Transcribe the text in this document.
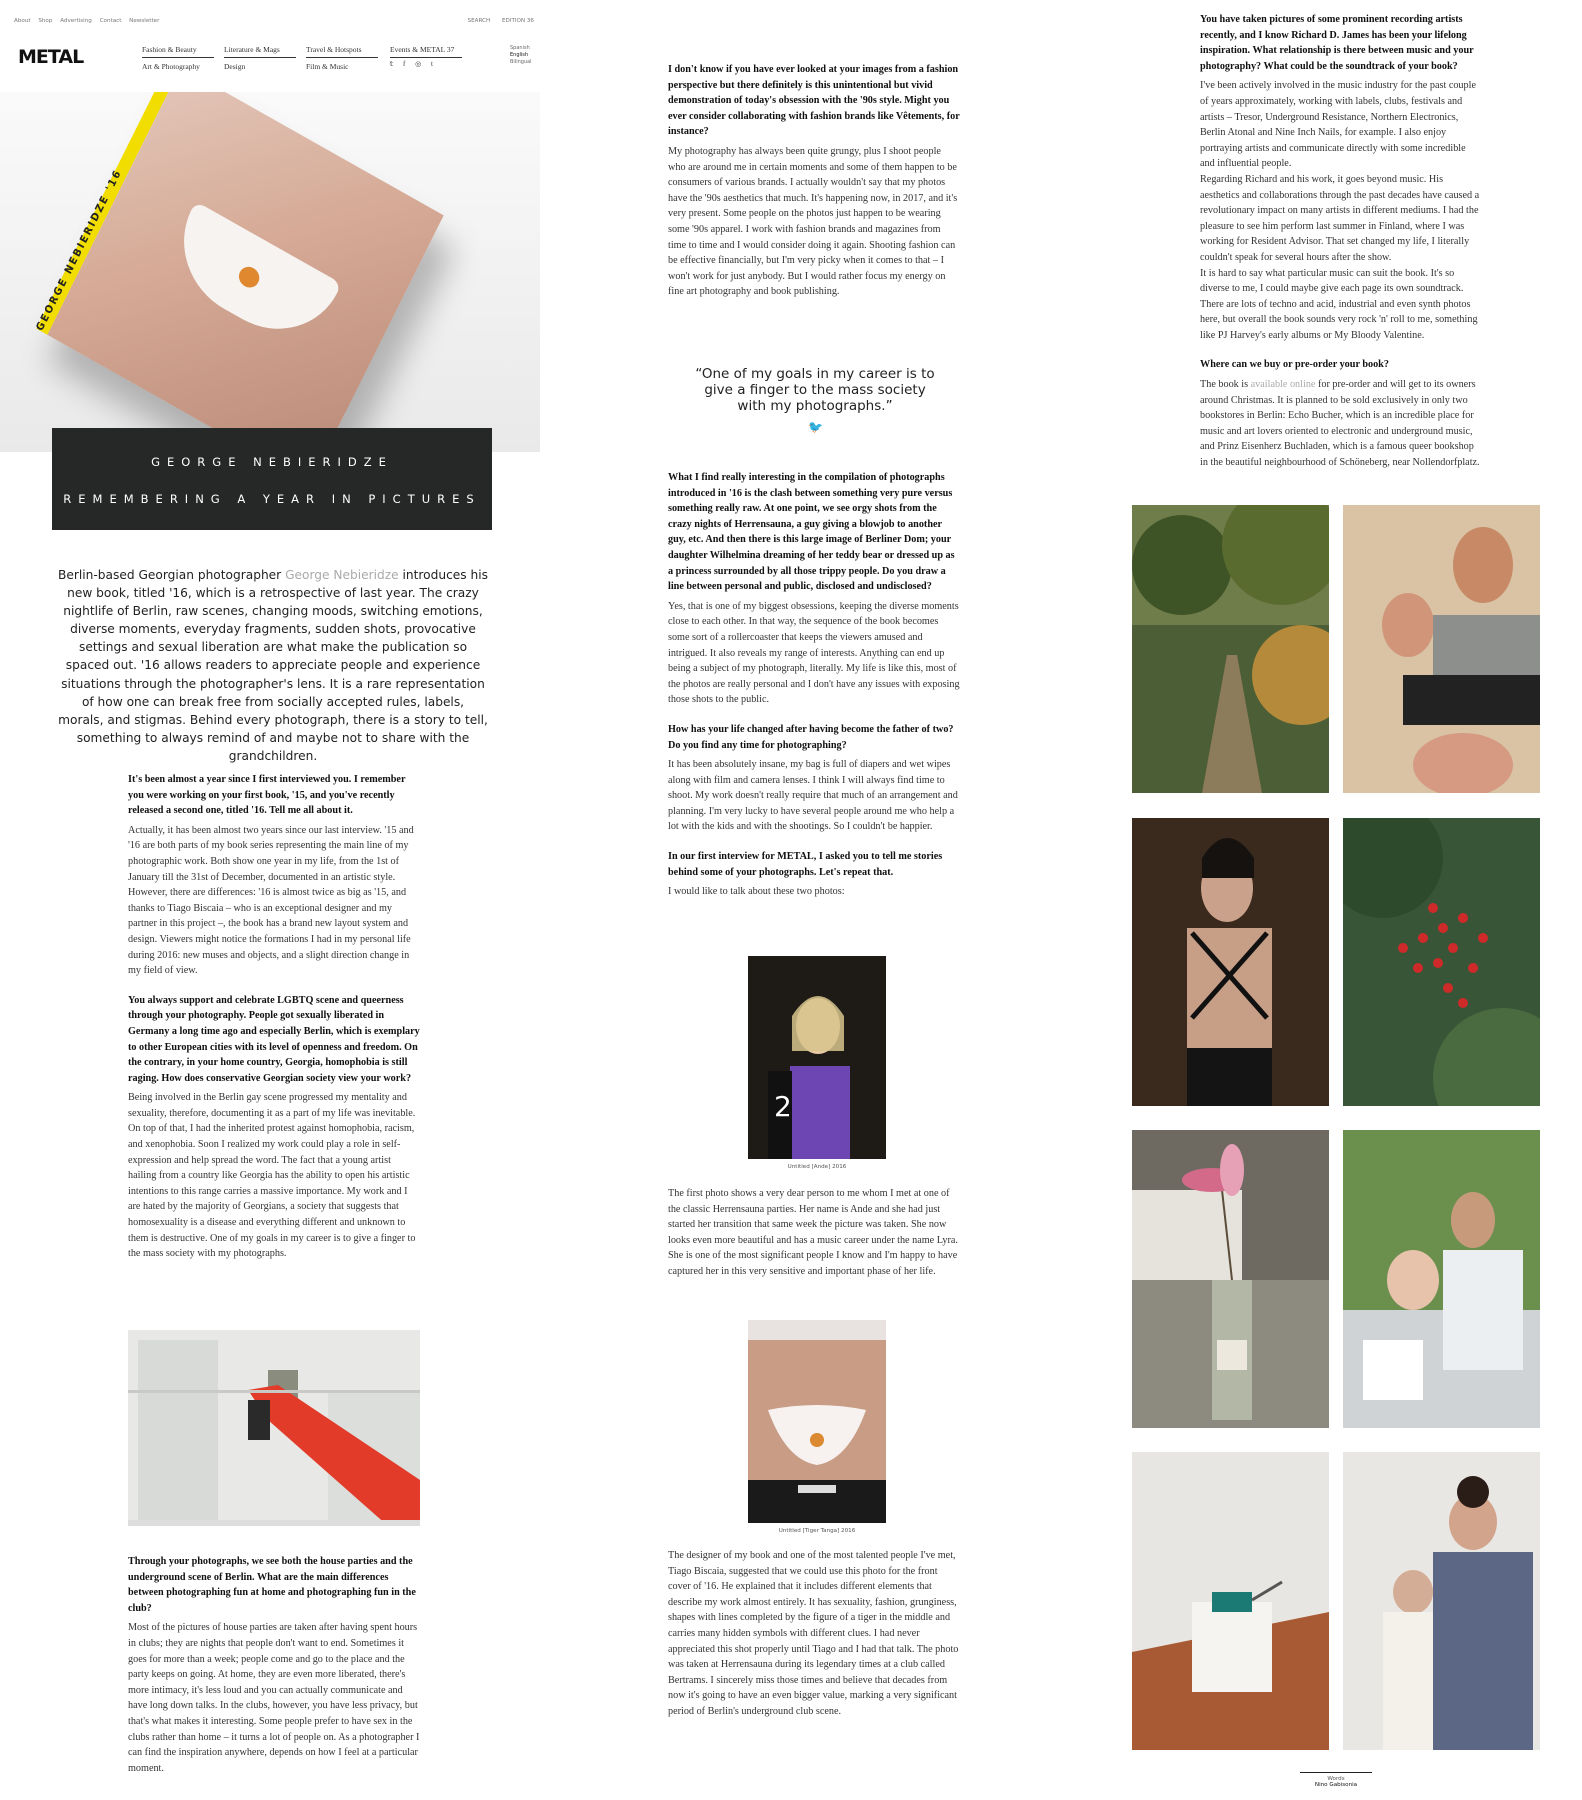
About Shop Advertising Contact Newsletter	SEARCH EDITION 36
METAL	Fashion & Beauty
Art & Photography
Literature & Mags
Design
Travel & Hotspots
Film & Music
Events & METAL 37
𝕥 f ◎ t
Spanish
English
Bilingual
GEORGE NEBIERIDZE '16
GEORGE NEBIERIDZE
REMEMBERING A YEAR IN PICTURES
Berlin-based Georgian photographer George Nebieridze introduces his new book, titled '16, which is a retrospective of last year. The crazy nightlife of Berlin, raw scenes, changing moods, switching emotions, diverse moments, everyday fragments, sudden shots, provocative settings and sexual liberation are what make the publication so spaced out. '16 allows readers to appreciate people and experience situations through the photographer's lens. It is a rare representation of how one can break free from socially accepted rules, labels, morals, and stigmas. Behind every photograph, there is a story to tell, something to always remind of and maybe not to share with the grandchildren.
It's been almost a year since I first interviewed you. I remember you were working on your first book, '15, and you've recently released a second one, titled '16. Tell me all about it.
Actually, it has been almost two years since our last interview. '15 and '16 are both parts of my book series representing the main line of my photographic work. Both show one year in my life, from the 1st of January till the 31st of December, documented in an artistic style. However, there are differences: '16 is almost twice as big as '15, and thanks to Tiago Biscaia – who is an exceptional designer and my partner in this project –, the book has a brand new layout system and design. Viewers might notice the formations I had in my personal life during 2016: new muses and objects, and a slight direction change in my field of view.
You always support and celebrate LGBTQ scene and queerness through your photography. People got sexually liberated in Germany a long time ago and especially Berlin, which is exemplary to other European cities with its level of openness and freedom. On the contrary, in your home country, Georgia, homophobia is still raging. How does conservative Georgian society view your work?
Being involved in the Berlin gay scene progressed my mentality and sexuality, therefore, documenting it as a part of my life was inevitable. On top of that, I had the inherited protest against homophobia, racism, and xenophobia. Soon I realized my work could play a role in self-expression and help spread the word. The fact that a young artist hailing from a country like Georgia has the ability to open his artistic intentions to this range carries a massive importance. My work and I are hated by the majority of Georgians, a society that suggests that homosexuality is a disease and everything different and unknown to them is destructive. One of my goals in my career is to give a finger to the mass society with my photographs.
Through your photographs, we see both the house parties and the underground scene of Berlin. What are the main differences between photographing fun at home and photographing fun in the club?
Most of the pictures of house parties are taken after having spent hours in clubs; they are nights that people don't want to end. Sometimes it goes for more than a week; people come and go to the place and the party keeps on going. At home, they are even more liberated, there's more intimacy, it's less loud and you can actually communicate and have long down talks. In the clubs, however, you have less privacy, but that's what makes it interesting. Some people prefer to have sex in the clubs rather than home – it turns a lot of people on. As a photographer I can find the inspiration anywhere, depends on how I feel at a particular moment.
I don't know if you have ever looked at your images from a fashion perspective but there definitely is this unintentional but vivid demonstration of today's obsession with the '90s style. Might you ever consider collaborating with fashion brands like Vêtements, for instance?
My photography has always been quite grungy, plus I shoot people who are around me in certain moments and some of them happen to be consumers of various brands. I actually wouldn't say that my photos have the '90s aesthetics that much. It's happening now, in 2017, and it's very present. Some people on the photos just happen to be wearing some '90s apparel. I work with fashion brands and magazines from time to time and I would consider doing it again. Shooting fashion can be effective financially, but I'm very picky when it comes to that – I won't work for just anybody. But I would rather focus my energy on fine art photography and book publishing.
“One of my goals in my career is to give a finger to the mass society with my photographs.”
🐦
What I find really interesting in the compilation of photographs introduced in '16 is the clash between something very pure versus something really raw. At one point, we see orgy shots from the crazy nights of Herrensauna, a guy giving a blowjob to another guy, etc. And then there is this large image of Berliner Dom; your daughter Wilhelmina dreaming of her teddy bear or dressed up as a princess surrounded by all those trippy people. Do you draw a line between personal and public, disclosed and undisclosed?
Yes, that is one of my biggest obsessions, keeping the diverse moments close to each other. In that way, the sequence of the book becomes some sort of a rollercoaster that keeps the viewers amused and intrigued. It also reveals my range of interests. Anything can end up being a subject of my photograph, literally. My life is like this, most of the photos are really personal and I don't have any issues with exposing those shots to the public.
How has your life changed after having become the father of two? Do you find any time for photographing?
It has been absolutely insane, my bag is full of diapers and wet wipes along with film and camera lenses. I think I will always find time to shoot. My work doesn't really require that much of an arrangement and planning. I'm very lucky to have several people around me who help a lot with the kids and with the shootings. So I couldn't be happier.
In our first interview for METAL, I asked you to tell me stories behind some of your photographs. Let's repeat that.
I would like to talk about these two photos:
2
Untitled [Ande] 2016
The first photo shows a very dear person to me whom I met at one of the classic Herrensauna parties. Her name is Ande and she had just started her transition that same week the picture was taken. She now looks even more beautiful and has a music career under the name Lyra. She is one of the most significant people I know and I'm happy to have captured her in this very sensitive and important phase of her life.
Untitled [Tiger Tanga] 2016
The designer of my book and one of the most talented people I've met, Tiago Biscaia, suggested that we could use this photo for the front cover of '16. He explained that it includes different elements that describe my work almost entirely. It has sexuality, fashion, grunginess, shapes with lines completed by the figure of a tiger in the middle and carries many hidden symbols with different clues. I had never appreciated this shot properly until Tiago and I had that talk. The photo was taken at Herrensauna during its legendary times at a club called Bertrams. I sincerely miss those times and believe that decades from now it's going to have an even bigger value, marking a very significant period of Berlin's underground club scene.
You have taken pictures of some prominent recording artists recently, and I know Richard D. James has been your lifelong inspiration. What relationship is there between music and your photography? What could be the soundtrack of your book?
I've been actively involved in the music industry for the past couple of years approximately, working with labels, clubs, festivals and artists – Tresor, Underground Resistance, Northern Electronics, Berlin Atonal and Nine Inch Nails, for example. I also enjoy portraying artists and communicate directly with some incredible and influential people.
Regarding Richard and his work, it goes beyond music. His aesthetics and collaborations through the past decades have caused a revolutionary impact on many artists in different mediums. I had the pleasure to see him perform last summer in Finland, where I was working for Resident Advisor. That set changed my life, I literally couldn't speak for several hours after the show.
It is hard to say what particular music can suit the book. It's so diverse to me, I could maybe give each page its own soundtrack. There are lots of techno and acid, industrial and even synth photos here, but overall the book sounds very rock 'n' roll to me, something like PJ Harvey's early albums or My Bloody Valentine.
Where can we buy or pre-order your book?
The book is available online for pre-order and will get to its owners around Christmas. It is planned to be sold exclusively in only two bookstores in Berlin: Echo Bucher, which is an incredible place for music and art lovers oriented to electronic and underground music, and Prinz Eisenherz Buchladen, which is a famous queer bookshop in the beautiful neighbourhood of Schöneberg, near Nollendorfplatz.
Words
Nino Gabisonia
